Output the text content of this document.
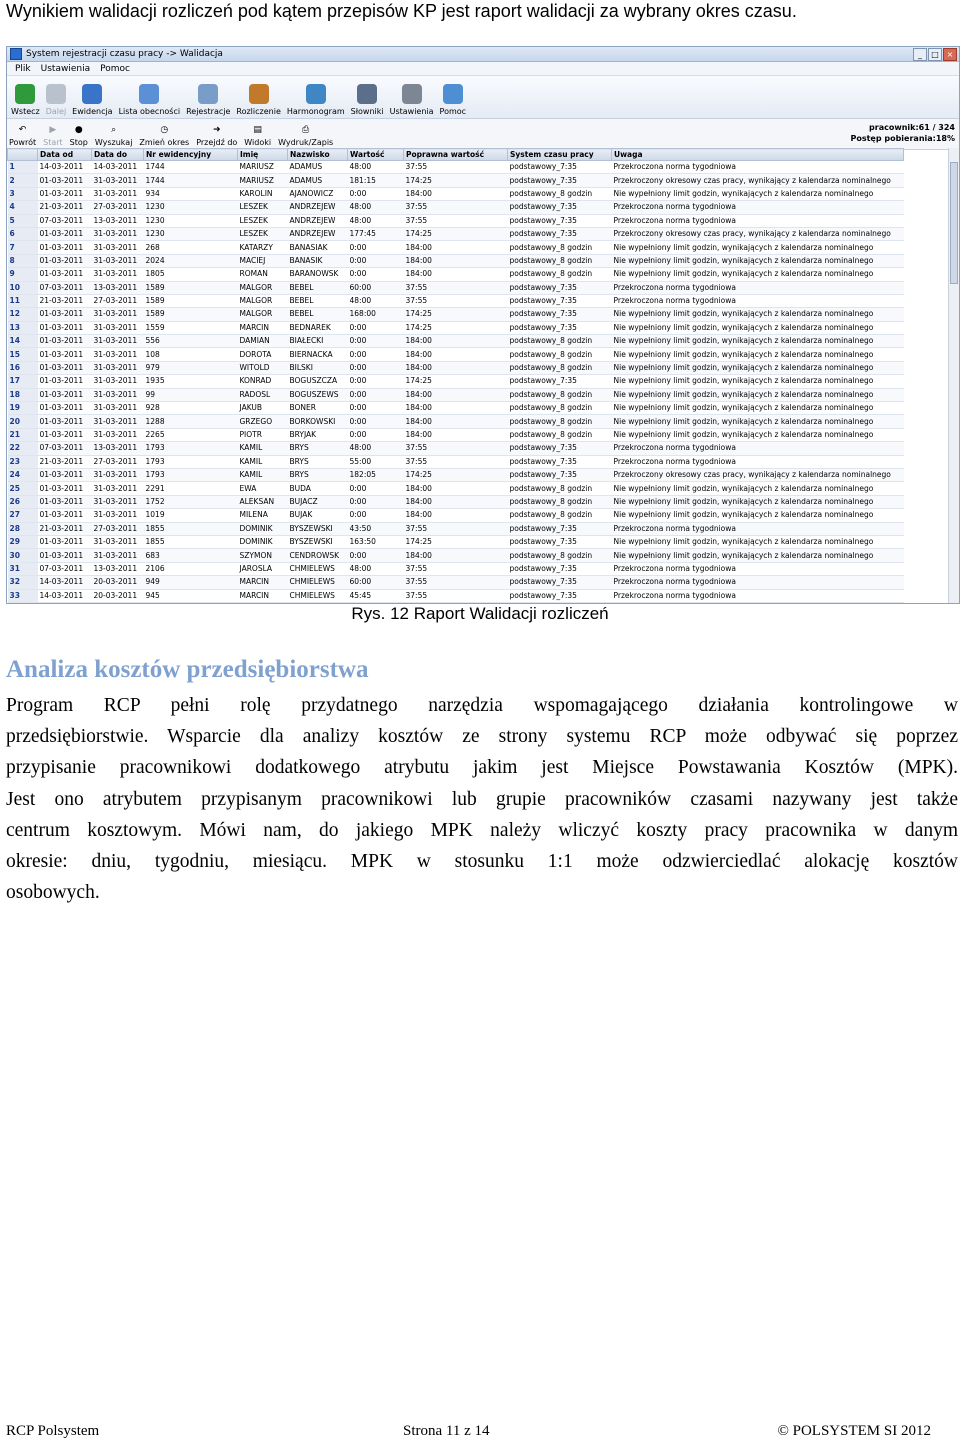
Wynikiem walidacji rozliczeń pod kątem przepisów KP jest raport walidacji za wybrany okres czasu.
System rejestracji czasu pracy -> Walidacja	_	□ ×
Plik Ustawienia Pomoc
Wstecz Dalej Ewidencja Lista obecności Rejestracje Rozliczenie Harmonogram Słowniki Ustawienia Pomoc
↶
Powrót
▶
Start
●
Stop
⌕
Wyszukaj
◷
Zmień okres
➜
Przejdź do
▤
Widoki
⎙
Wydruk/Zapis
pracownik:61 / 324
Postęp pobierania:18%
	Data od	Data do	Nr ewidencyjny	Imię	Nazwisko	Wartość	Poprawna wartość	System czasu pracy	Uwaga
1	14-03-2011	14-03-2011	1744	MARIUSZ	ADAMUS	48:00	37:55	podstawowy_7:35	Przekroczona norma tygodniowa
2	01-03-2011	31-03-2011	1744	MARIUSZ	ADAMUS	181:15	174:25	podstawowy_7:35	Przekroczony okresowy czas pracy, wynikający z kalendarza nominalnego
3	01-03-2011	31-03-2011	934	KAROLIN	AJANOWICZ	0:00	184:00	podstawowy_8 godzin	Nie wypełniony limit godzin, wynikających z kalendarza nominalnego
4	21-03-2011	27-03-2011	1230	LESZEK	ANDRZEJEW	48:00	37:55	podstawowy_7:35	Przekroczona norma tygodniowa
5	07-03-2011	13-03-2011	1230	LESZEK	ANDRZEJEW	48:00	37:55	podstawowy_7:35	Przekroczona norma tygodniowa
6	01-03-2011	31-03-2011	1230	LESZEK	ANDRZEJEW	177:45	174:25	podstawowy_7:35	Przekroczony okresowy czas pracy, wynikający z kalendarza nominalnego
7	01-03-2011	31-03-2011	268	KATARZY	BANASIAK	0:00	184:00	podstawowy_8 godzin	Nie wypełniony limit godzin, wynikających z kalendarza nominalnego
8	01-03-2011	31-03-2011	2024	MACIEJ	BANASIK	0:00	184:00	podstawowy_8 godzin	Nie wypełniony limit godzin, wynikających z kalendarza nominalnego
9	01-03-2011	31-03-2011	1805	ROMAN	BARANOWSK	0:00	184:00	podstawowy_8 godzin	Nie wypełniony limit godzin, wynikających z kalendarza nominalnego
10	07-03-2011	13-03-2011	1589	MALGOR	BEBEL	60:00	37:55	podstawowy_7:35	Przekroczona norma tygodniowa
11	21-03-2011	27-03-2011	1589	MALGOR	BEBEL	48:00	37:55	podstawowy_7:35	Przekroczona norma tygodniowa
12	01-03-2011	31-03-2011	1589	MALGOR	BEBEL	168:00	174:25	podstawowy_7:35	Nie wypełniony limit godzin, wynikających z kalendarza nominalnego
13	01-03-2011	31-03-2011	1559	MARCIN	BEDNAREK	0:00	174:25	podstawowy_7:35	Nie wypełniony limit godzin, wynikających z kalendarza nominalnego
14	01-03-2011	31-03-2011	556	DAMIAN	BIAŁECKI	0:00	184:00	podstawowy_8 godzin	Nie wypełniony limit godzin, wynikających z kalendarza nominalnego
15	01-03-2011	31-03-2011	108	DOROTA	BIERNACKA	0:00	184:00	podstawowy_8 godzin	Nie wypełniony limit godzin, wynikających z kalendarza nominalnego
16	01-03-2011	31-03-2011	979	WITOLD	BILSKI	0:00	184:00	podstawowy_8 godzin	Nie wypełniony limit godzin, wynikających z kalendarza nominalnego
17	01-03-2011	31-03-2011	1935	KONRAD	BOGUSZCZA	0:00	174:25	podstawowy_7:35	Nie wypełniony limit godzin, wynikających z kalendarza nominalnego
18	01-03-2011	31-03-2011	99	RADOSL	BOGUSZEWS	0:00	184:00	podstawowy_8 godzin	Nie wypełniony limit godzin, wynikających z kalendarza nominalnego
19	01-03-2011	31-03-2011	928	JAKUB	BONER	0:00	184:00	podstawowy_8 godzin	Nie wypełniony limit godzin, wynikających z kalendarza nominalnego
20	01-03-2011	31-03-2011	1288	GRZEGO	BORKOWSKI	0:00	184:00	podstawowy_8 godzin	Nie wypełniony limit godzin, wynikających z kalendarza nominalnego
21	01-03-2011	31-03-2011	2265	PIOTR	BRYJAK	0:00	184:00	podstawowy_8 godzin	Nie wypełniony limit godzin, wynikających z kalendarza nominalnego
22	07-03-2011	13-03-2011	1793	KAMIL	BRYS	48:00	37:55	podstawowy_7:35	Przekroczona norma tygodniowa
23	21-03-2011	27-03-2011	1793	KAMIL	BRYS	55:00	37:55	podstawowy_7:35	Przekroczona norma tygodniowa
24	01-03-2011	31-03-2011	1793	KAMIL	BRYS	182:05	174:25	podstawowy_7:35	Przekroczony okresowy czas pracy, wynikający z kalendarza nominalnego
25	01-03-2011	31-03-2011	2291	EWA	BUDA	0:00	184:00	podstawowy_8 godzin	Nie wypełniony limit godzin, wynikających z kalendarza nominalnego
26	01-03-2011	31-03-2011	1752	ALEKSAN	BUJACZ	0:00	184:00	podstawowy_8 godzin	Nie wypełniony limit godzin, wynikających z kalendarza nominalnego
27	01-03-2011	31-03-2011	1019	MILENA	BUJAK	0:00	184:00	podstawowy_8 godzin	Nie wypełniony limit godzin, wynikających z kalendarza nominalnego
28	21-03-2011	27-03-2011	1855	DOMINIK	BYSZEWSKI	43:50	37:55	podstawowy_7:35	Przekroczona norma tygodniowa
29	01-03-2011	31-03-2011	1855	DOMINIK	BYSZEWSKI	163:50	174:25	podstawowy_7:35	Nie wypełniony limit godzin, wynikających z kalendarza nominalnego
30	01-03-2011	31-03-2011	683	SZYMON	CENDROWSK	0:00	184:00	podstawowy_8 godzin	Nie wypełniony limit godzin, wynikających z kalendarza nominalnego
31	07-03-2011	13-03-2011	2106	JAROSLA	CHMIELEWS	48:00	37:55	podstawowy_7:35	Przekroczona norma tygodniowa
32	14-03-2011	20-03-2011	949	MARCIN	CHMIELEWS	60:00	37:55	podstawowy_7:35	Przekroczona norma tygodniowa
33	14-03-2011	20-03-2011	945	MARCIN	CHMIELEWS	45:45	37:55	podstawowy_7:35	Przekroczona norma tygodniowa
Rys. 12 Raport Walidacji rozliczeń
Analiza kosztów przedsiębiorstwa
Program RCP pełni rolę przydatnego narzędzia wspomagającego działania kontrolingowe w
przedsiębiorstwie. Wsparcie dla analizy kosztów ze strony systemu RCP może odbywać się poprzez
przypisanie pracownikowi dodatkowego atrybutu jakim jest Miejsce Powstawania Kosztów (MPK).
Jest ono atrybutem przypisanym pracownikowi lub grupie pracowników czasami nazywany jest także
centrum kosztowym. Mówi nam, do jakiego MPK należy wliczyć koszty pracy pracownika w danym
okresie: dniu, tygodniu, miesiącu. MPK w stosunku 1:1 może odzwierciedlać alokację kosztów
osobowych.
RCP Polsystem	Strona 11 z 14	© POLSYSTEM SI 2012
